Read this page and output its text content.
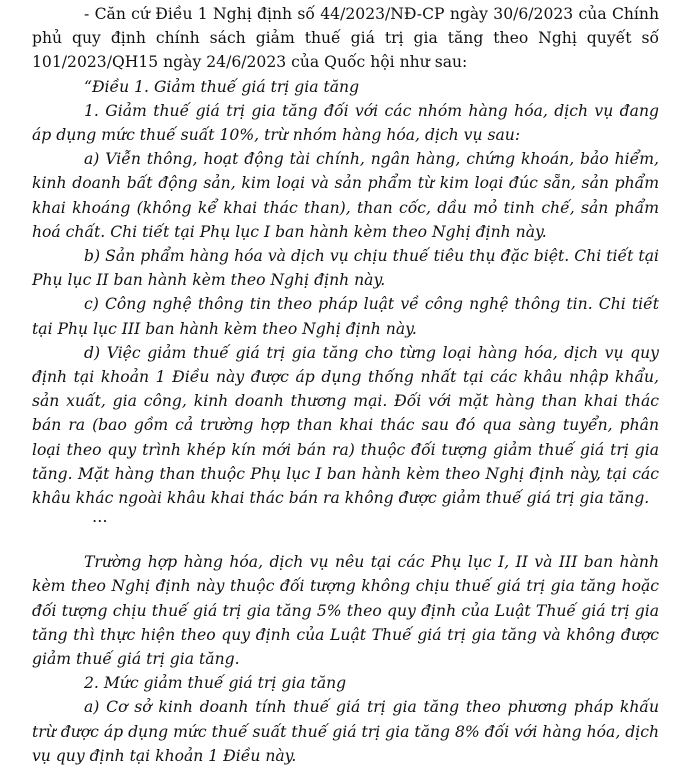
- Căn cứ Điều 1 Nghị định số 44/2023/NĐ-CP ngày 30/6/2023 của Chính phủ quy định chính sách giảm thuế giá trị gia tăng theo Nghị quyết số 101/2023/QH15 ngày 24/6/2023 của Quốc hội như sau:

“Điều 1. Giảm thuế giá trị gia tăng

1. Giảm thuế giá trị gia tăng đối với các nhóm hàng hóa, dịch vụ đang áp dụng mức thuế suất 10%, trừ nhóm hàng hóa, dịch vụ sau:

a) Viễn thông, hoạt động tài chính, ngân hàng, chứng khoán, bảo hiểm, kinh doanh bất động sản, kim loại và sản phẩm từ kim loại đúc sẵn, sản phẩm khai khoáng (không kể khai thác than), than cốc, dầu mỏ tinh chế, sản phẩm hoá chất. Chi tiết tại Phụ lục I ban hành kèm theo Nghị định này.

b) Sản phẩm hàng hóa và dịch vụ chịu thuế tiêu thụ đặc biệt. Chi tiết tại Phụ lục II ban hành kèm theo Nghị định này.

c) Công nghệ thông tin theo pháp luật về công nghệ thông tin. Chi tiết tại Phụ lục III ban hành kèm theo Nghị định này.

d) Việc giảm thuế giá trị gia tăng cho từng loại hàng hóa, dịch vụ quy định tại khoản 1 Điều này được áp dụng thống nhất tại các khâu nhập khẩu, sản xuất, gia công, kinh doanh thương mại. Đối với mặt hàng than khai thác bán ra (bao gồm cả trường hợp than khai thác sau đó qua sàng tuyển, phân loại theo quy trình khép kín mới bán ra) thuộc đối tượng giảm thuế giá trị gia tăng. Mặt hàng than thuộc Phụ lục I ban hành kèm theo Nghị định này, tại các khâu khác ngoài khâu khai thác bán ra không được giảm thuế giá trị gia tăng.

…

Trường hợp hàng hóa, dịch vụ nêu tại các Phụ lục I, II và III ban hành kèm theo Nghị định này thuộc đối tượng không chịu thuế giá trị gia tăng hoặc đối tượng chịu thuế giá trị gia tăng 5% theo quy định của Luật Thuế giá trị gia tăng thì thực hiện theo quy định của Luật Thuế giá trị gia tăng và không được giảm thuế giá trị gia tăng.

2. Mức giảm thuế giá trị gia tăng

a) Cơ sở kinh doanh tính thuế giá trị gia tăng theo phương pháp khấu trừ được áp dụng mức thuế suất thuế giá trị gia tăng 8% đối với hàng hóa, dịch vụ quy định tại khoản 1 Điều này.
